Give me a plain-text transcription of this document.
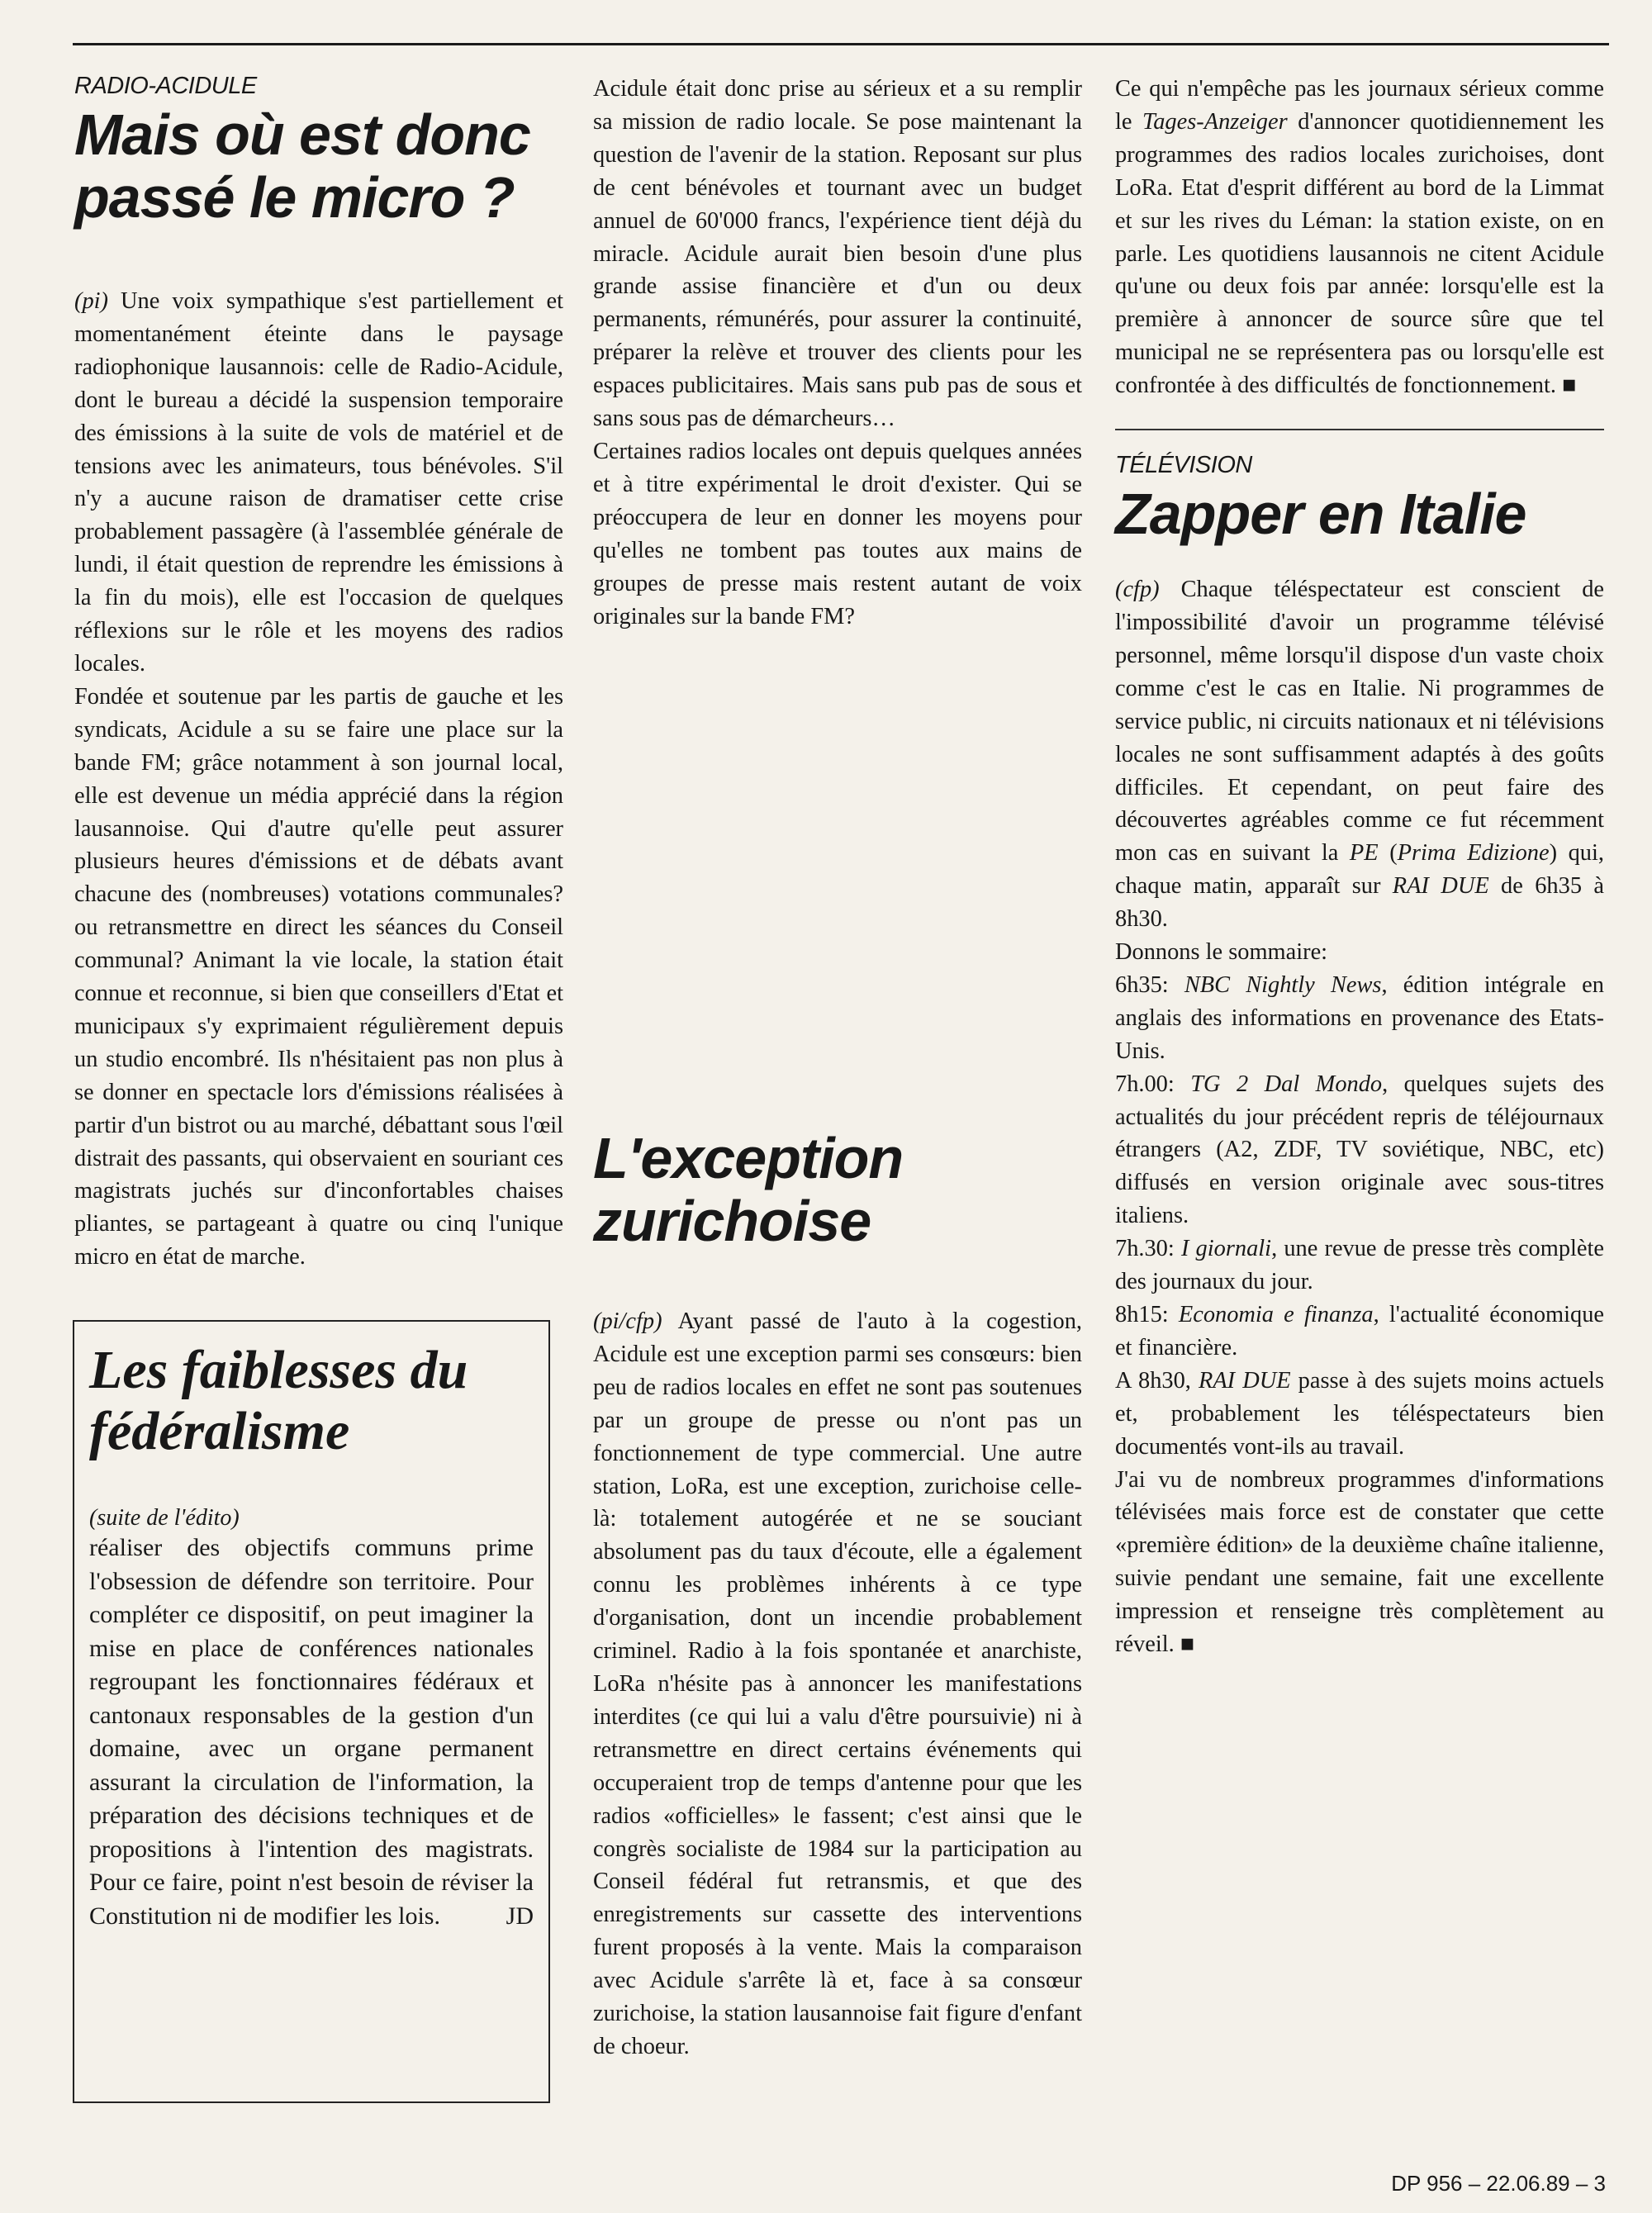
RADIO-ACIDULE
Mais où est donc passé le micro ?

(pi) Une voix sympathique s'est partiellement et momentanément éteinte dans le paysage radiophonique lausannois: celle de Radio-Acidule, dont le bureau a décidé la suspension temporaire des émissions à la suite de vols de matériel et de tensions avec les animateurs, tous bénévoles. S'il n'y a aucune raison de dramatiser cette crise probablement passagère (à l'assemblée générale de lundi, il était question de reprendre les émissions à la fin du mois), elle est l'occasion de quelques réflexions sur le rôle et les moyens des radios locales.

Fondée et soutenue par les partis de gauche et les syndicats, Acidule a su se faire une place sur la bande FM; grâce notamment à son journal local, elle est devenue un média apprécié dans la région lausannoise. Qui d'autre qu'elle peut assurer plusieurs heures d'émissions et de débats avant chacune des (nombreuses) votations communales? ou retransmettre en direct les séances du Conseil communal? Animant la vie locale, la station était connue et reconnue, si bien que conseillers d'Etat et municipaux s'y exprimaient régulièrement depuis un studio encombré. Ils n'hésitaient pas non plus à se donner en spectacle lors d'émissions réalisées à partir d'un bistrot ou au marché, débattant sous l'œil distrait des passants, qui observaient en souriant ces magistrats juchés sur d'inconfortables chaises pliantes, se partageant à quatre ou cinq l'unique micro en état de marche.

Les faiblesses du fédéralisme
(suite de l'édito)
réaliser des objectifs communs prime l'obsession de défendre son territoire. Pour compléter ce dispositif, on peut imaginer la mise en place de conférences nationales regroupant les fonctionnaires fédéraux et cantonaux responsables de la gestion d'un domaine, avec un organe permanent assurant la circulation de l'information, la préparation des décisions techniques et de propositions à l'intention des magistrats. Pour ce faire, point n'est besoin de réviser la Constitution ni de modifier les lois.	JD

Acidule était donc prise au sérieux et a su remplir sa mission de radio locale. Se pose maintenant la question de l'avenir de la station. Reposant sur plus de cent bénévoles et tournant avec un budget annuel de 60'000 francs, l'expérience tient déjà du miracle. Acidule aurait bien besoin d'une plus grande assise financière et d'un ou deux permanents, rémunérés, pour assurer la continuité, préparer la relève et trouver des clients pour les espaces publicitaires. Mais sans pub pas de sous et sans sous pas de démarcheurs…

Certaines radios locales ont depuis quelques années et à titre expérimental le droit d'exister. Qui se préoccupera de leur en donner les moyens pour qu'elles ne tombent pas toutes aux mains de groupes de presse mais restent autant de voix originales sur la bande FM?

L'exception zurichoise

(pi/cfp) Ayant passé de l'auto à la cogestion, Acidule est une exception parmi ses consœurs: bien peu de radios locales en effet ne sont pas soutenues par un groupe de presse ou n'ont pas un fonctionnement de type commercial. Une autre station, LoRa, est une exception, zurichoise celle-là: totalement autogérée et ne se souciant absolument pas du taux d'écoute, elle a également connu les problèmes inhérents à ce type d'organisation, dont un incendie probablement criminel. Radio à la fois spontanée et anarchiste, LoRa n'hésite pas à annoncer les manifestations interdites (ce qui lui a valu d'être poursuivie) ni à retransmettre en direct certains événements qui occuperaient trop de temps d'antenne pour que les radios «officielles» le fassent; c'est ainsi que le congrès socialiste de 1984 sur la participation au Conseil fédéral fut retransmis, et que des enregistrements sur cassette des interventions furent proposés à la vente. Mais la comparaison avec Acidule s'arrête là et, face à sa consœur zurichoise, la station lausannoise fait figure d'enfant de choeur.

Ce qui n'empêche pas les journaux sérieux comme le Tages-Anzeiger d'annoncer quotidiennement les programmes des radios locales zurichoises, dont LoRa. Etat d'esprit différent au bord de la Limmat et sur les rives du Léman: la station existe, on en parle. Les quotidiens lausannois ne citent Acidule qu'une ou deux fois par année: lorsqu'elle est la première à annoncer de source sûre que tel municipal ne se représentera pas ou lorsqu'elle est confrontée à des difficultés de fonctionnement. ■

TÉLÉVISION
Zapper en Italie

(cfp) Chaque téléspectateur est conscient de l'impossibilité d'avoir un programme télévisé personnel, même lorsqu'il dispose d'un vaste choix comme c'est le cas en Italie. Ni programmes de service public, ni circuits nationaux et ni télévisions locales ne sont suffisamment adaptés à des goûts difficiles. Et cependant, on peut faire des découvertes agréables comme ce fut récemment mon cas en suivant la PE (Prima Edizione) qui, chaque matin, apparaît sur RAI DUE de 6h35 à 8h30.

Donnons le sommaire:

6h35: NBC Nightly News, édition intégrale en anglais des informations en provenance des Etats-Unis.

7h.00: TG 2 Dal Mondo, quelques sujets des actualités du jour précédent repris de téléjournaux étrangers (A2, ZDF, TV soviétique, NBC, etc) diffusés en version originale avec sous-titres italiens.

7h.30: I giornali, une revue de presse très complète des journaux du jour.

8h15: Economia e finanza, l'actualité économique et financière.

A 8h30, RAI DUE passe à des sujets moins actuels et, probablement les téléspectateurs bien documentés vont-ils au travail.

J'ai vu de nombreux programmes d'informations télévisées mais force est de constater que cette «première édition» de la deuxième chaîne italienne, suivie pendant une semaine, fait une excellente impression et renseigne très complètement au réveil. ■

DP 956 – 22.06.89 – 3
